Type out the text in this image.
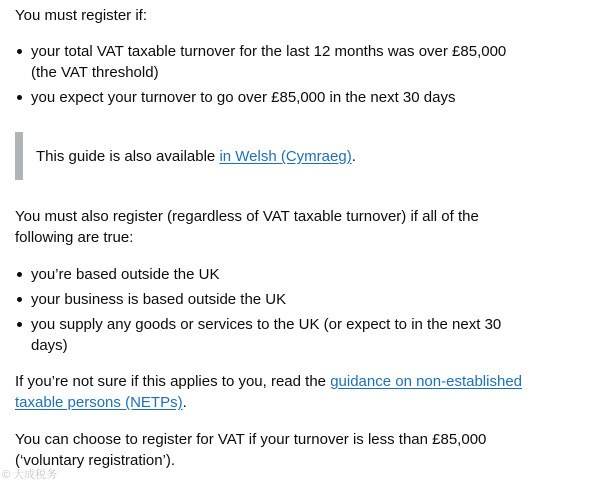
You must register if:

your total VAT taxable turnover for the last 12 months was over £85,000 (the VAT threshold)
you expect your turnover to go over £85,000 in the next 30 days

This guide is also available in Welsh (Cymraeg).

You must also register (regardless of VAT taxable turnover) if all of the following are true:

you’re based outside the UK
your business is based outside the UK
you supply any goods or services to the UK (or expect to in the next 30 days)

If you’re not sure if this applies to you, read the guidance on non-established taxable persons (NETPs).

You can choose to register for VAT if your turnover is less than £85,000 (‘voluntary registration’).

© 大成税务
